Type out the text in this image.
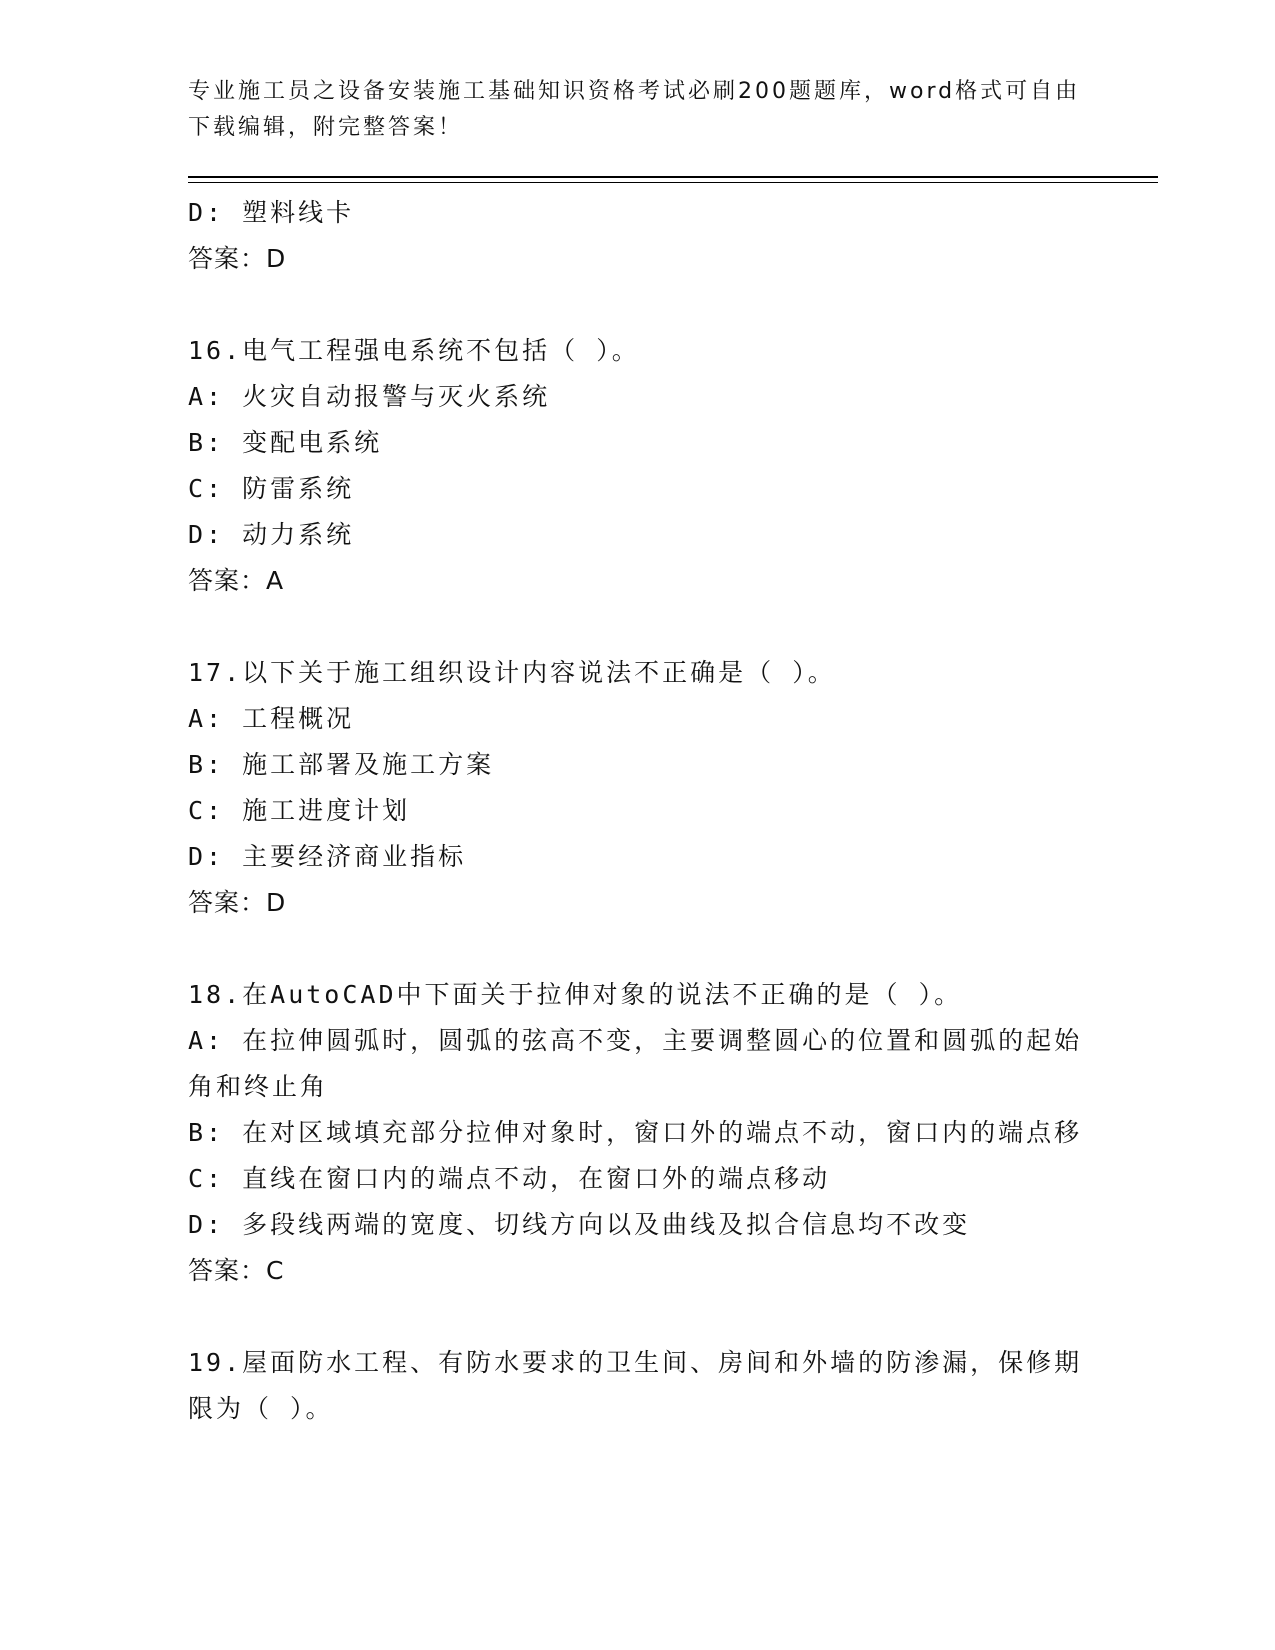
专业施工员之设备安装施工基础知识资格考试必刷200题题库，word格式可自由下载编辑，附完整答案！
D: 塑料线卡
答案：D
16.电气工程强电系统不包括（ ）。
A: 火灾自动报警与灭火系统
B: 变配电系统
C: 防雷系统
D: 动力系统
答案：A
17.以下关于施工组织设计内容说法不正确是（ ）。
A: 工程概况
B: 施工部署及施工方案
C: 施工进度计划
D: 主要经济商业指标
答案：D
18.在AutoCAD中下面关于拉伸对象的说法不正确的是（ ）。
A: 在拉伸圆弧时，圆弧的弦高不变，主要调整圆心的位置和圆弧的起始角和终止角
B: 在对区域填充部分拉伸对象时，窗口外的端点不动，窗口内的端点移
C: 直线在窗口内的端点不动，在窗口外的端点移动
D: 多段线两端的宽度、切线方向以及曲线及拟合信息均不改变
答案：C
19.屋面防水工程、有防水要求的卫生间、房间和外墙的防渗漏，保修期限为（ ）。
